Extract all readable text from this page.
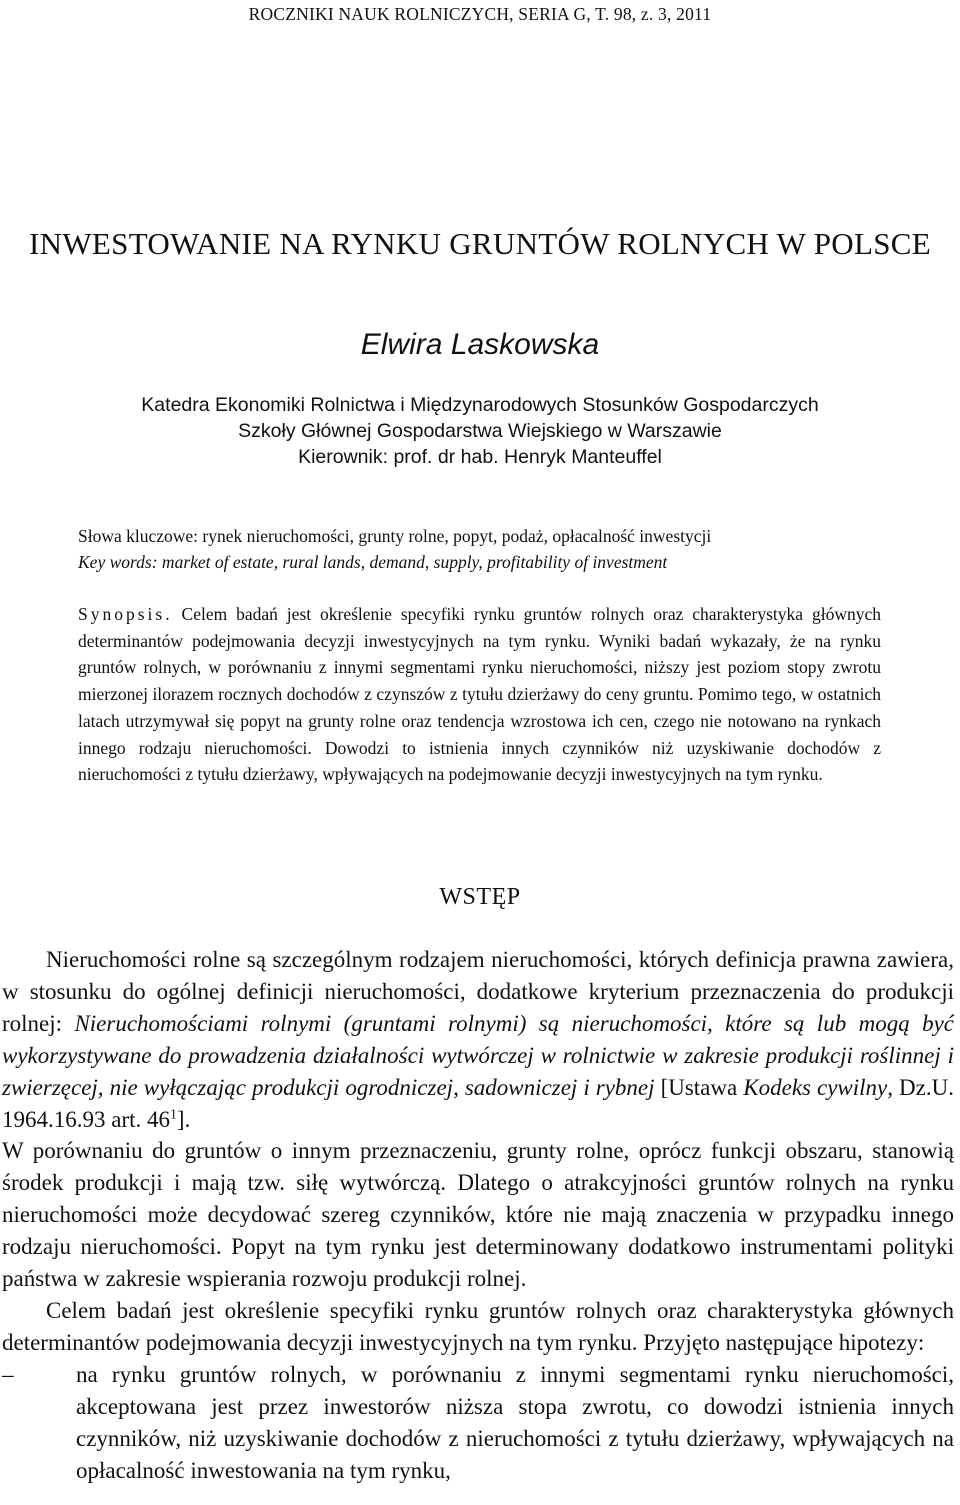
ROCZNIKI NAUK ROLNICZYCH, SERIA G, T. 98, z. 3, 2011
INWESTOWANIE NA RYNKU GRUNTÓW ROLNYCH W POLSCE
Elwira Laskowska
Katedra Ekonomiki Rolnictwa i Międzynarodowych Stosunków Gospodarczych
Szkoły Głównej Gospodarstwa Wiejskiego w Warszawie
Kierownik: prof. dr hab. Henryk Manteuffel
Słowa kluczowe: rynek nieruchomości, grunty rolne, popyt, podaż, opłacalność inwestycji
Key words: market of estate, rural lands, demand, supply, profitability of investment
Synopsis. Celem badań jest określenie specyfiki rynku gruntów rolnych oraz charakterystyka głównych determinantów podejmowania decyzji inwestycyjnych na tym rynku. Wyniki badań wykazały, że na rynku gruntów rolnych, w porównaniu z innymi segmentami rynku nieruchomości, niższy jest poziom stopy zwrotu mierzonej ilorazem rocznych dochodów z czynszów z tytułu dzierżawy do ceny gruntu. Pomimo tego, w ostatnich latach utrzymywał się popyt na grunty rolne oraz tendencja wzrostowa ich cen, czego nie notowano na rynkach innego rodzaju nieruchomości. Dowodzi to istnienia innych czynników niż uzyskiwanie dochodów z nieruchomości z tytułu dzierżawy, wpływających na podejmowanie decyzji inwestycyjnych na tym rynku.
WSTĘP

Nieruchomości rolne są szczególnym rodzajem nieruchomości, których definicja prawna zawiera, w stosunku do ogólnej definicji nieruchomości, dodatkowe kryterium przeznaczenia do produkcji rolnej: Nieruchomościami rolnymi (gruntami rolnymi) są nieruchomości, które są lub mogą być wykorzystywane do prowadzenia działalności wytwórczej w rolnictwie w zakresie produkcji roślinnej i zwierzęcej, nie wyłączając produkcji ogrodniczej, sadowniczej i rybnej [Ustawa Kodeks cywilny, Dz.U. 1964.16.93 art. $46^1$].

W porównaniu do gruntów o innym przeznaczeniu, grunty rolne, oprócz funkcji obszaru, stanowią środek produkcji i mają tzw. siłę wytwórczą. Dlatego o atrakcyjności gruntów rolnych na rynku nieruchomości może decydować szereg czynników, które nie mają znaczenia w przypadku innego rodzaju nieruchomości. Popyt na tym rynku jest determinowany dodatkowo instrumentami polityki państwa w zakresie wspierania rozwoju produkcji rolnej.

Celem badań jest określenie specyfiki rynku gruntów rolnych oraz charakterystyka głównych determinantów podejmowania decyzji inwestycyjnych na tym rynku. Przyjęto następujące hipotezy:

–	na rynku gruntów rolnych, w porównaniu z innymi segmentami rynku nieruchomości, akceptowana jest przez inwestorów niższa stopa zwrotu, co dowodzi istnienia innych czynników, niż uzyskiwanie dochodów z nieruchomości z tytułu dzierżawy, wpływających na opłacalność inwestowania na tym rynku,
